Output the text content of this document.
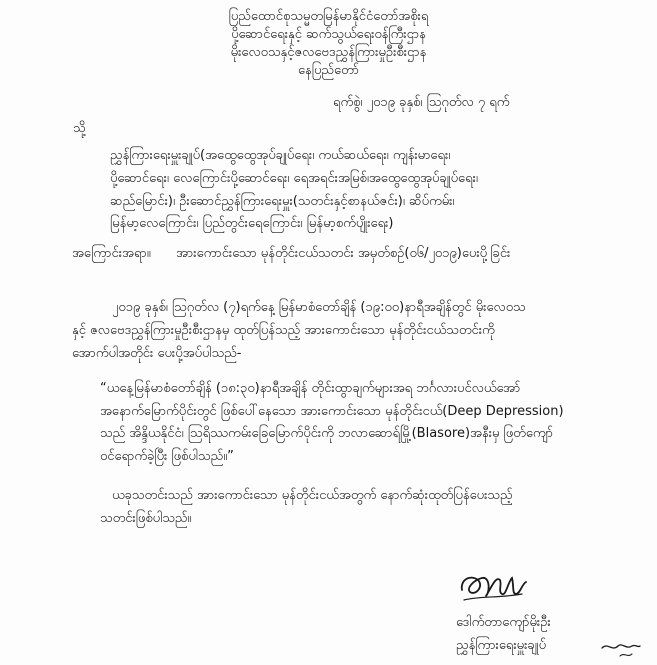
ပြည်ထောင်စုသမ္မတမြန်မာနိုင်ငံတော်အစိုးရ
ပို့ဆောင်ရေးနှင့် ဆက်သွယ်ရေးဝန်ကြီးဌာန
မိုးလေဝသနှင့်ဇလဗေဒညွှန်ကြားမှုဦးစီးဌာန
နေပြည်တော်
ရက်စွဲ၊ ၂၀၁၉ ခုနှစ်၊ ဩဂုတ်လ ၇ ရက်
သို့
ညွှန်ကြားရေးမှူးချုပ်(အထွေထွေအုပ်ချုပ်ရေး၊ ကယ်ဆယ်ရေး၊ ကျန်းမာရေး၊
ပို့ဆောင်ရေး၊ လေကြောင်းပို့ဆောင်ရေး၊ ရေအရင်းအမြစ်၊အထွေထွေအုပ်ချုပ်ရေး၊
ဆည်မြောင်း)၊ ဦးဆောင်ညွှန်ကြားရေးမှူး(သတင်းနှင့်စာနယ်ဇင်း)၊ ဆိပ်ကမ်း၊
မြန်မာ့လေကြောင်း၊ ပြည်တွင်းရေကြောင်း၊ မြန်မာ့စက်ပျိုးရေး)
အကြောင်းအရာ။ အားကောင်းသော မုန်တိုင်းငယ်သတင်း အမှတ်စဉ်(၀၆/၂၀၁၉)ပေးပို့ခြင်း
၂၀၁၉ ခုနှစ်၊ ဩဂုတ်လ (၇)ရက်နေ့ မြန်မာစံတော်ချိန် (၁၉:၀၀)နာရီအချိန်တွင် မိုးလေဝသ
နှင့် ဇလဗေဒညွှန်ကြားမှုဦးစီးဌာနမှ ထုတ်ပြန်သည့် အားကောင်းသော မုန်တိုင်းငယ်သတင်းကို
အောက်ပါအတိုင်း ပေးပို့အပ်ပါသည်-
“ယနေ့မြန်မာစံတော်ချိန် (၁၈:၃၀)နာရီအချိန် တိုင်းထွာချက်များအရ ဘင်္ဂလားပင်လယ်အော်
အနောက်မြောက်ပိုင်းတွင် ဖြစ်ပေါ်နေသော အားကောင်းသော မုန်တိုင်းငယ်(Deep Depression)
သည် အိန္ဒိယနိုင်ငံ၊ ဩရိဿကမ်းခြေမြောက်ပိုင်းကို ဘလာဆောရ်မြို့(Blasore)အနီးမှ ဖြတ်ကျော်
ဝင်ရောက်ခဲ့ပြီး ဖြစ်ပါသည်။”
ယခုသတင်းသည် အားကောင်းသော မုန်တိုင်းငယ်အတွက် နောက်ဆုံးထုတ်ပြန်ပေးသည့်
သတင်းဖြစ်ပါသည်။
ဒေါက်တာကျော်မိုးဦး
ညွှန်ကြားရေးမှူးချုပ်
